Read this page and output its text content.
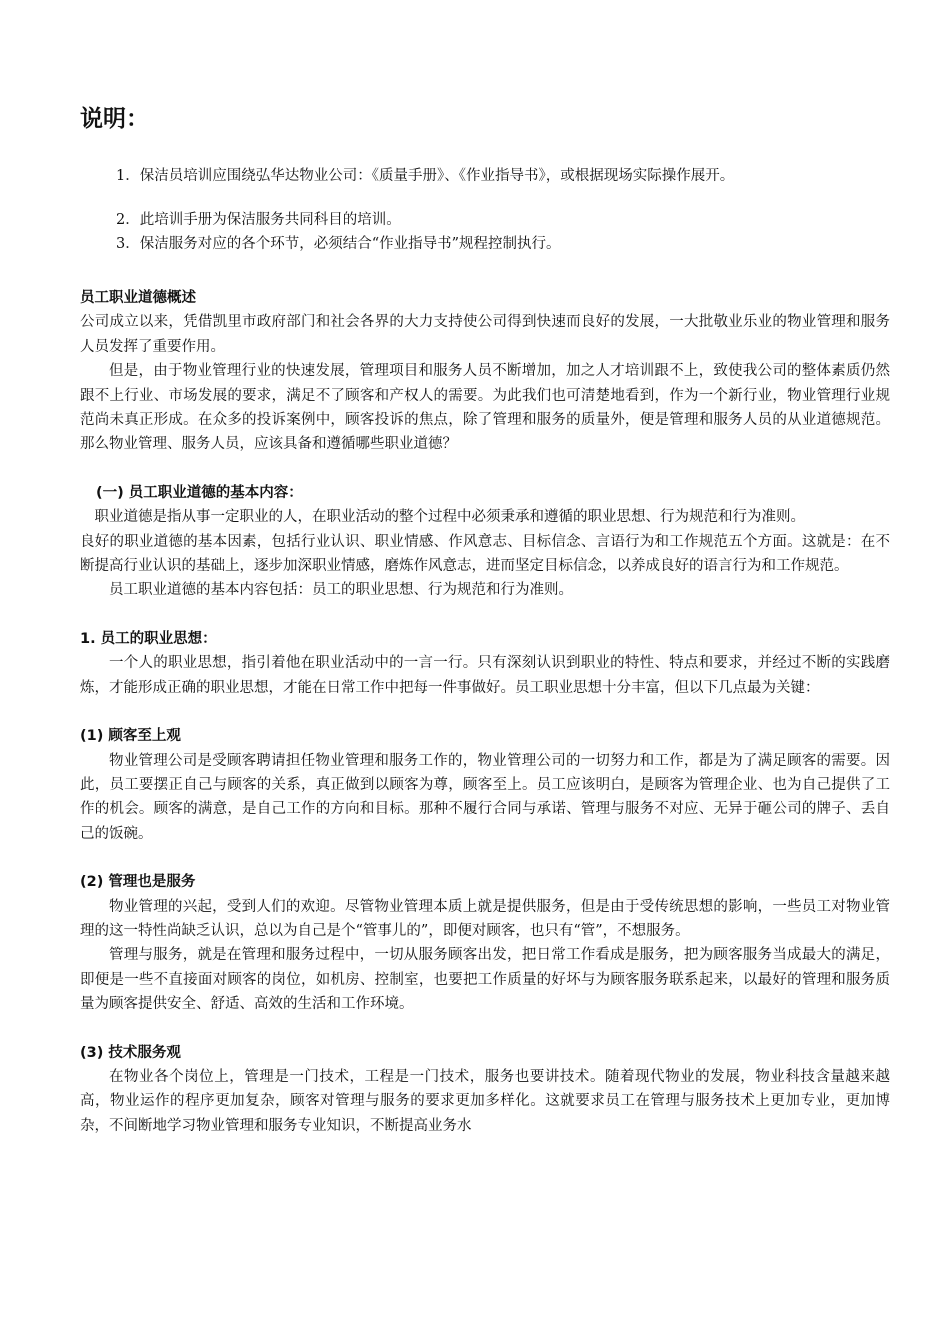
说明：

1．保洁员培训应围绕弘华达物业公司：《质量手册》、《作业指导书》，或根据现场实际操作展开。

2．此培训手册为保洁服务共同科目的培训。

3．保洁服务对应的各个环节，必须结合“作业指导书”规程控制执行。

员工职业道德概述

公司成立以来，凭借凯里市政府部门和社会各界的大力支持使公司得到快速而良好的发展，一大批敬业乐业的物业管理和服务人员发挥了重要作用。

但是，由于物业管理行业的快速发展，管理项目和服务人员不断增加，加之人才培训跟不上，致使我公司的整体素质仍然跟不上行业、市场发展的要求，满足不了顾客和产权人的需要。为此我们也可清楚地看到，作为一个新行业，物业管理行业规范尚未真正形成。在众多的投诉案例中，顾客投诉的焦点，除了管理和服务的质量外，便是管理和服务人员的从业道德规范。那么物业管理、服务人员，应该具备和遵循哪些职业道德？

(一) 员工职业道德的基本内容：

职业道德是指从事一定职业的人，在职业活动的整个过程中必须秉承和遵循的职业思想、行为规范和行为准则。

良好的职业道德的基本因素，包括行业认识、职业情感、作风意志、目标信念、言语行为和工作规范五个方面。这就是：在不断提高行业认识的基础上，逐步加深职业情感，磨炼作风意志，进而坚定目标信念，以养成良好的语言行为和工作规范。

员工职业道德的基本内容包括：员工的职业思想、行为规范和行为准则。

1. 员工的职业思想：

一个人的职业思想，指引着他在职业活动中的一言一行。只有深刻认识到职业的特性、特点和要求，并经过不断的实践磨炼，才能形成正确的职业思想，才能在日常工作中把每一件事做好。员工职业思想十分丰富，但以下几点最为关键：

(1) 顾客至上观

物业管理公司是受顾客聘请担任物业管理和服务工作的，物业管理公司的一切努力和工作，都是为了满足顾客的需要。因此，员工要摆正自己与顾客的关系，真正做到以顾客为尊，顾客至上。员工应该明白，是顾客为管理企业、也为自己提供了工作的机会。顾客的满意，是自己工作的方向和目标。那种不履行合同与承诺、管理与服务不对应、无异于砸公司的牌子、丢自己的饭碗。

(2) 管理也是服务

物业管理的兴起，受到人们的欢迎。尽管物业管理本质上就是提供服务，但是由于受传统思想的影响，一些员工对物业管理的这一特性尚缺乏认识，总以为自己是个“管事儿的”，即便对顾客，也只有“管”，不想服务。

管理与服务，就是在管理和服务过程中，一切从服务顾客出发，把日常工作看成是服务，把为顾客服务当成最大的满足，即便是一些不直接面对顾客的岗位，如机房、控制室，也要把工作质量的好坏与为顾客服务联系起来，以最好的管理和服务质量为顾客提供安全、舒适、高效的生活和工作环境。

(3) 技术服务观

在物业各个岗位上，管理是一门技术，工程是一门技术，服务也要讲技术。随着现代物业的发展，物业科技含量越来越高，物业运作的程序更加复杂，顾客对管理与服务的要求更加多样化。这就要求员工在管理与服务技术上更加专业，更加博杂，不间断地学习物业管理和服务专业知识，不断提高业务水
